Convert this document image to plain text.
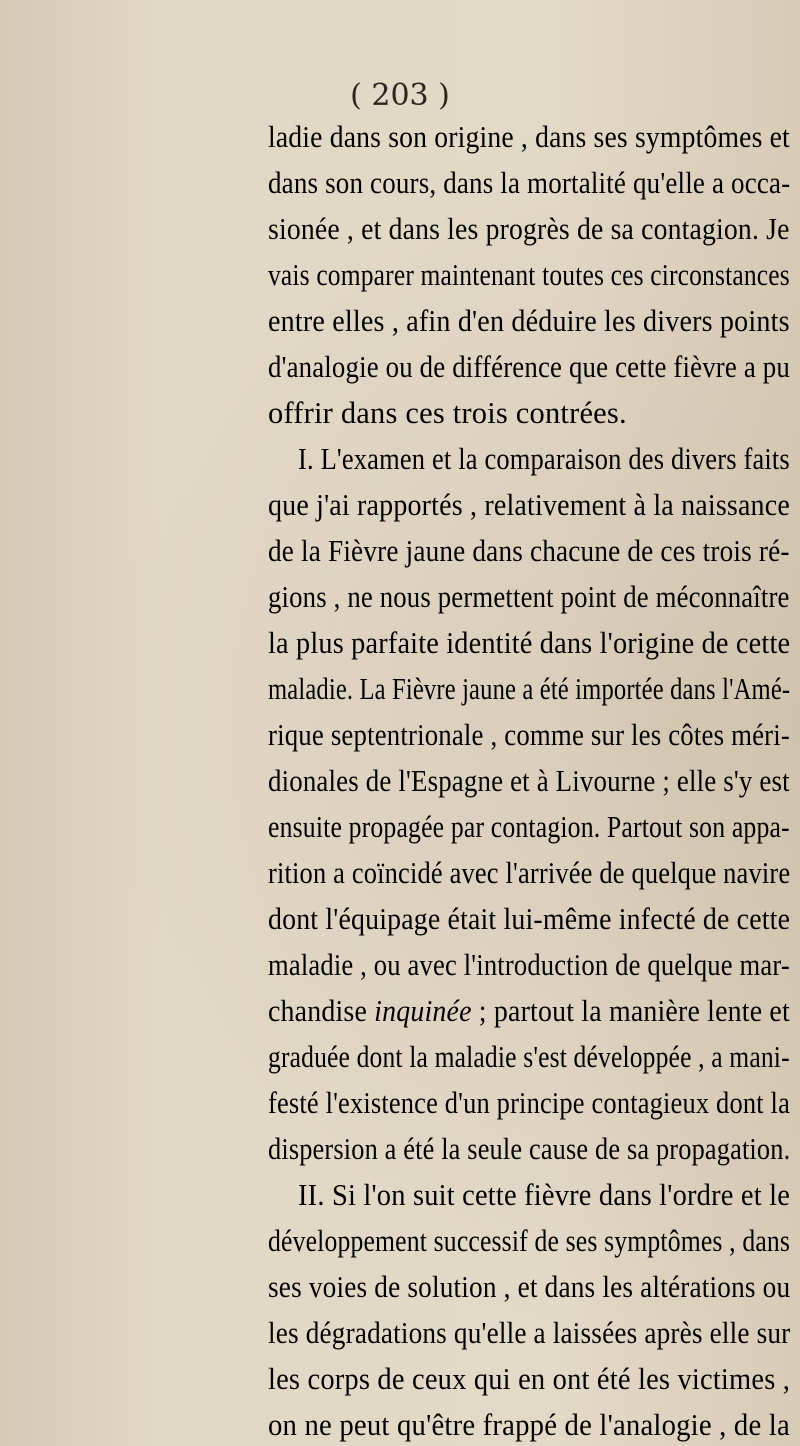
( 203 )
ladie dans son origine , dans ses symptômes et
dans son cours, dans la mortalité qu'elle a occa-
sionée , et dans les progrès de sa contagion. Je
vais comparer maintenant toutes ces circonstances
entre elles , afin d'en déduire les divers points
d'analogie ou de différence que cette fièvre a pu
offrir dans ces trois contrées.
I. L'examen et la comparaison des divers faits
que j'ai rapportés , relativement à la naissance
de la Fièvre jaune dans chacune de ces trois ré-
gions , ne nous permettent point de méconnaître
la plus parfaite identité dans l'origine de cette
maladie. La Fièvre jaune a été importée dans l'Amé-
rique septentrionale , comme sur les côtes méri-
dionales de l'Espagne et à Livourne ; elle s'y est
ensuite propagée par contagion. Partout son appa-
rition a coïncidé avec l'arrivée de quelque navire
dont l'équipage était lui-même infecté de cette
maladie , ou avec l'introduction de quelque mar-
chandise inquinée ; partout la manière lente et
graduée dont la maladie s'est développée , a mani-
festé l'existence d'un principe contagieux dont la
dispersion a été la seule cause de sa propagation.
II. Si l'on suit cette fièvre dans l'ordre et le
développement successif de ses symptômes , dans
ses voies de solution , et dans les altérations ou
les dégradations qu'elle a laissées après elle sur
les corps de ceux qui en ont été les victimes ,
on ne peut qu'être frappé de l'analogie , de la
